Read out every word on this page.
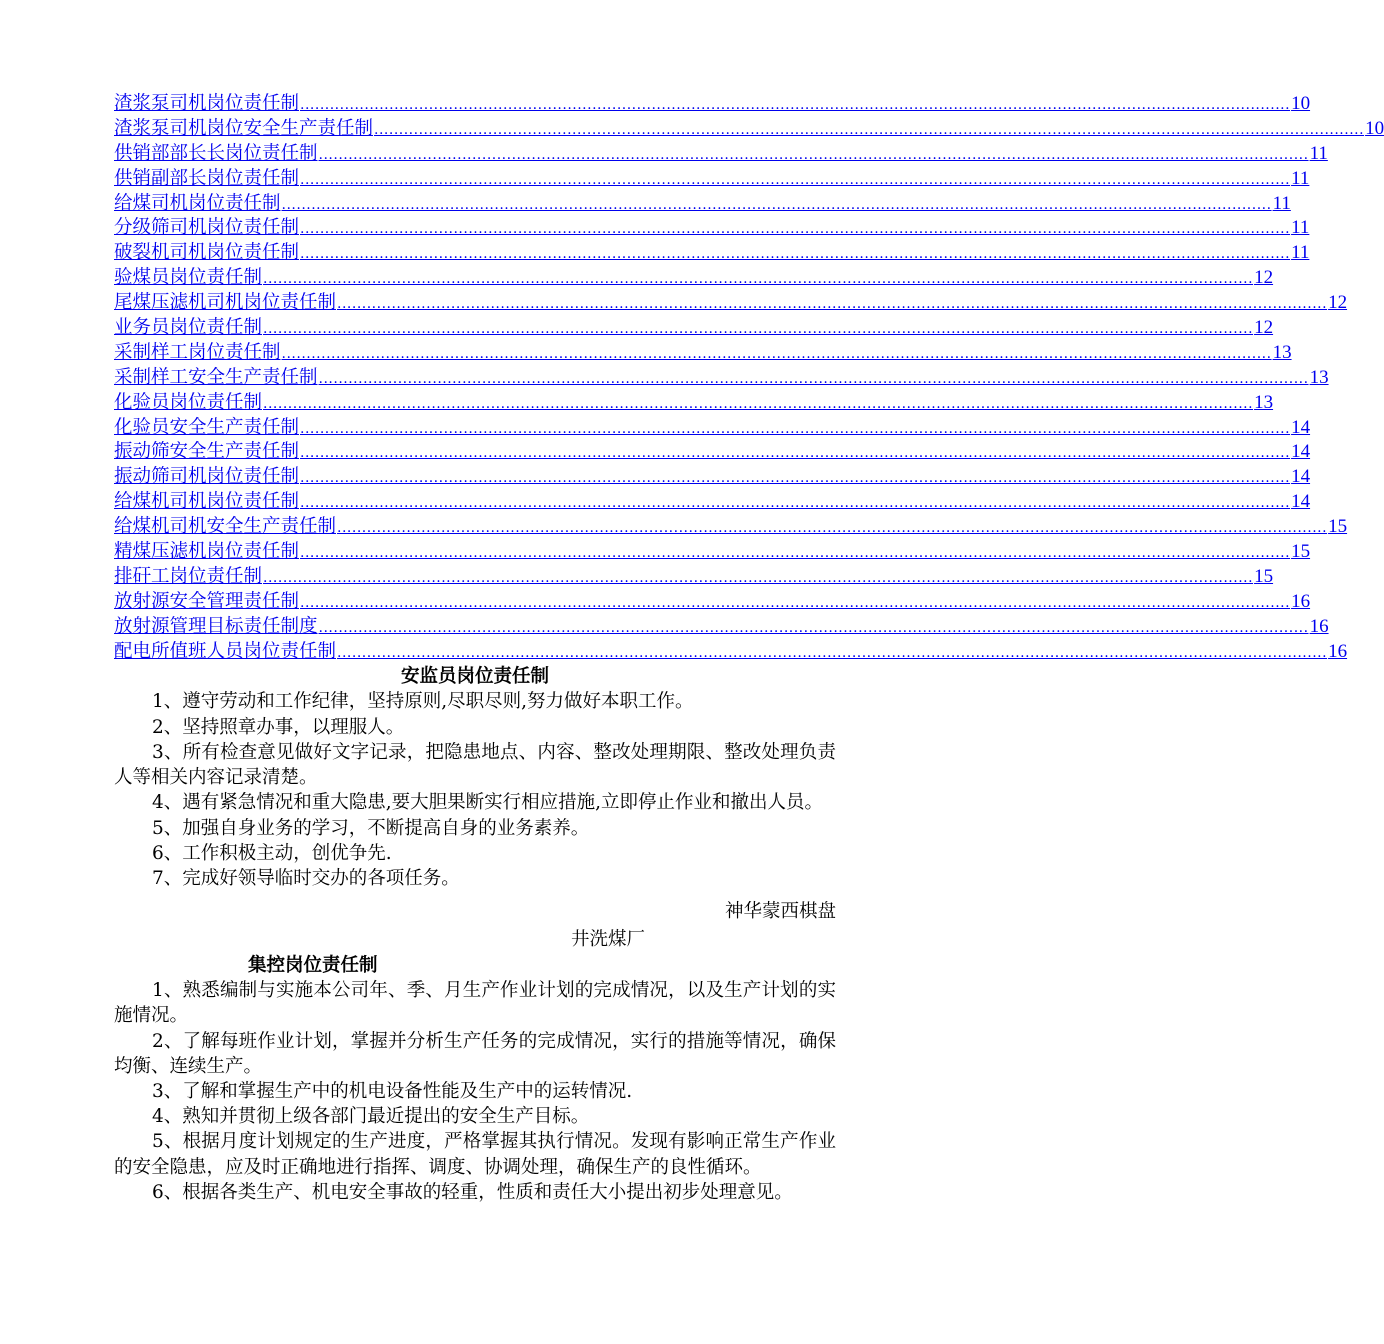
渣浆泵司机岗位责任制 ........................................................................................................................................................................................................ 10
渣浆泵司机岗位安全生产责任制 ........................................................................................................................................................................................................ 10
供销部部长长岗位责任制 ........................................................................................................................................................................................................ 11
供销副部长岗位责任制 ........................................................................................................................................................................................................ 11
给煤司机岗位责任制 ........................................................................................................................................................................................................ 11
分级筛司机岗位责任制 ........................................................................................................................................................................................................ 11
破裂机司机岗位责任制 ........................................................................................................................................................................................................ 11
验煤员岗位责任制 ........................................................................................................................................................................................................ 12
尾煤压滤机司机岗位责任制 ........................................................................................................................................................................................................ 12
业务员岗位责任制 ........................................................................................................................................................................................................ 12
采制样工岗位责任制 ........................................................................................................................................................................................................ 13
采制样工安全生产责任制 ........................................................................................................................................................................................................ 13
化验员岗位责任制 ........................................................................................................................................................................................................ 13
化验员安全生产责任制 ........................................................................................................................................................................................................ 14
振动筛安全生产责任制 ........................................................................................................................................................................................................ 14
振动筛司机岗位责任制 ........................................................................................................................................................................................................ 14
给煤机司机岗位责任制 ........................................................................................................................................................................................................ 14
给煤机司机安全生产责任制 ........................................................................................................................................................................................................ 15
精煤压滤机岗位责任制 ........................................................................................................................................................................................................ 15
排矸工岗位责任制 ........................................................................................................................................................................................................ 15
放射源安全管理责任制 ........................................................................................................................................................................................................ 16
放射源管理目标责任制度 ........................................................................................................................................................................................................ 16
配电所值班人员岗位责任制 ........................................................................................................................................................................................................ 16
安监员岗位责任制

1、遵守劳动和工作纪律，坚持原则,尽职尽则,努力做好本职工作。

2、坚持照章办事，以理服人。

3、所有检查意见做好文字记录，把隐患地点、内容、整改处理期限、整改处理负责人等相关内容记录清楚。

4、遇有紧急情况和重大隐患,要大胆果断实行相应措施,立即停止作业和撤出人员。

5、加强自身业务的学习，不断提高自身的业务素养。

6、工作积极主动，创优争先.

7、完成好领导临时交办的各项任务。

神华蒙西棋盘
井洗煤厂
集控岗位责任制

1、熟悉编制与实施本公司年、季、月生产作业计划的完成情况，以及生产计划的实施情况。

2、了解每班作业计划，掌握并分析生产任务的完成情况，实行的措施等情况，确保均衡、连续生产。

3、了解和掌握生产中的机电设备性能及生产中的运转情况.

4、熟知并贯彻上级各部门最近提出的安全生产目标。

5、根据月度计划规定的生产进度，严格掌握其执行情况。发现有影响正常生产作业的安全隐患，应及时正确地进行指挥、调度、协调处理，确保生产的良性循环。

6、根据各类生产、机电安全事故的轻重，性质和责任大小提出初步处理意见。
